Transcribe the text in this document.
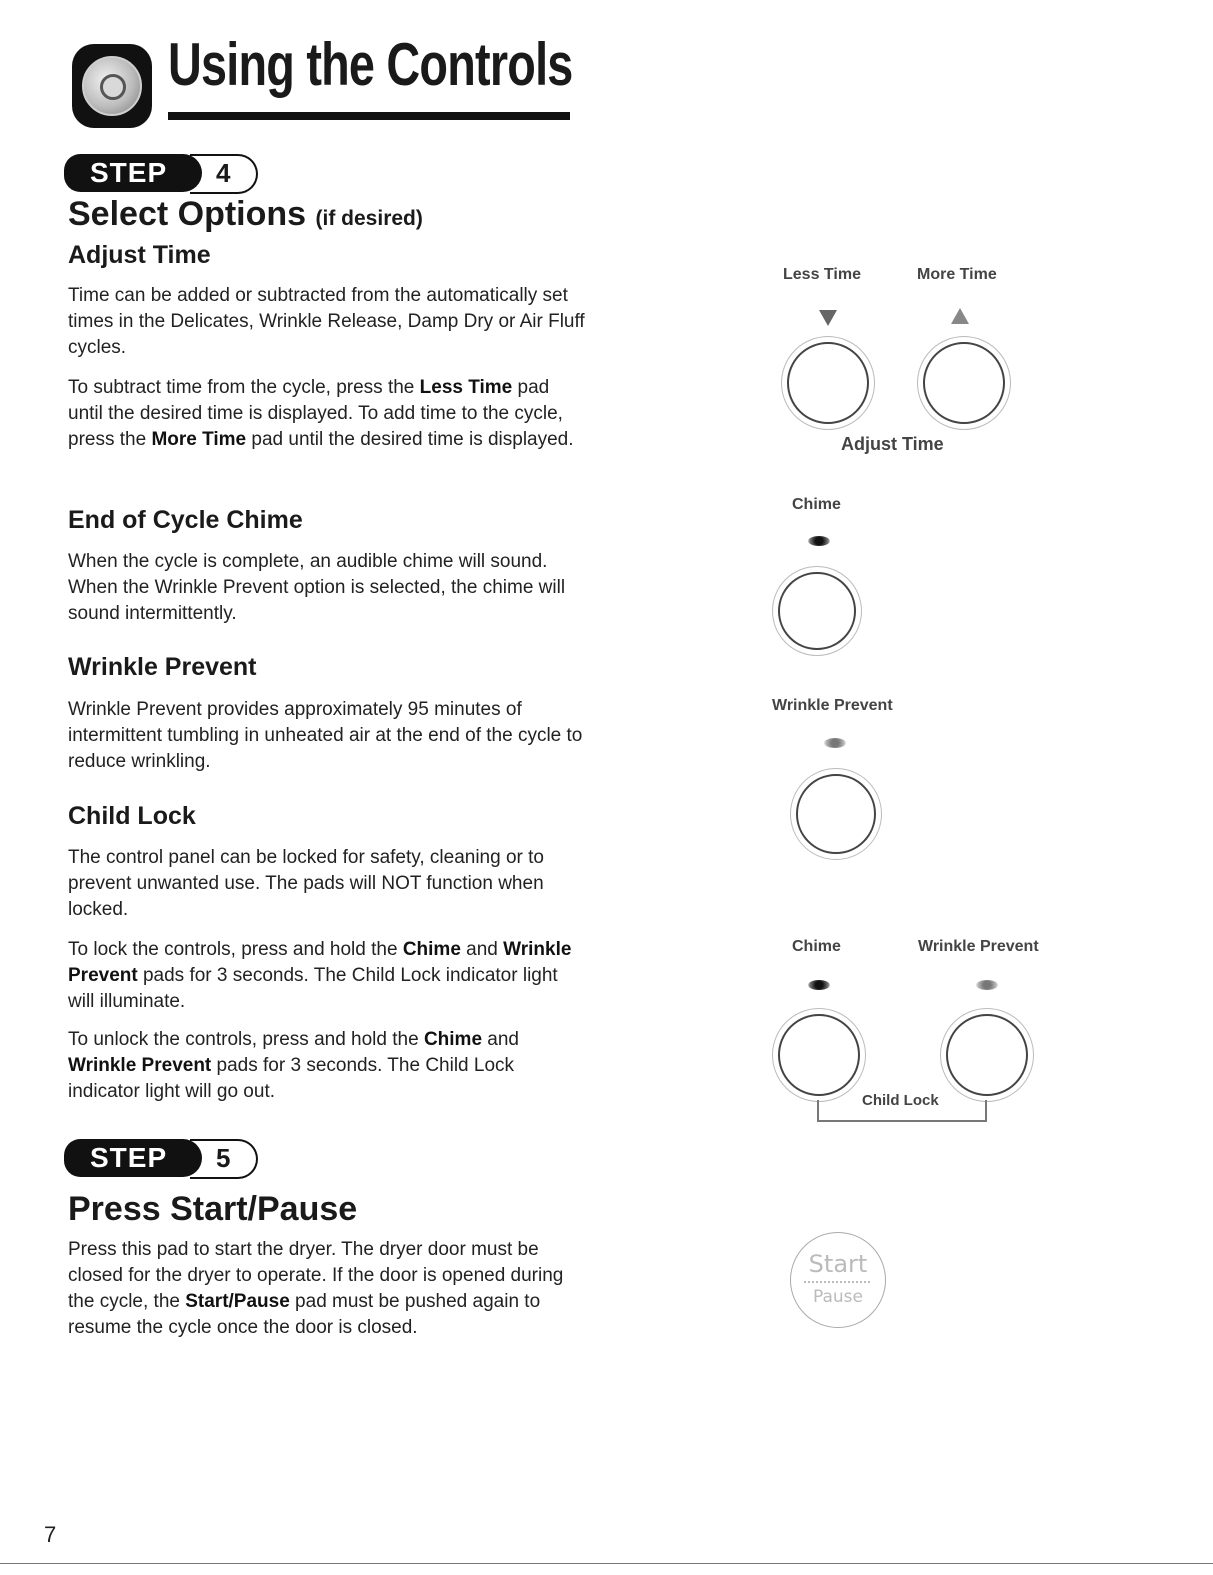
Using the Controls
STEP 4
Select Options (if desired)
Adjust Time

Time can be added or subtracted from the automatically set times in the Delicates, Wrinkle Release, Damp Dry or Air Fluff cycles.

To subtract time from the cycle, press the Less Time pad until the desired time is displayed. To add time to the cycle, press the More Time pad until the desired time is displayed.

End of Cycle Chime

When the cycle is complete, an audible chime will sound. When the Wrinkle Prevent option is selected, the chime will sound intermittently.

Wrinkle Prevent

Wrinkle Prevent provides approximately 95 minutes of intermittent tumbling in unheated air at the end of the cycle to reduce wrinkling.

Child Lock

The control panel can be locked for safety, cleaning or to prevent unwanted use. The pads will NOT function when locked.

To lock the controls, press and hold the Chime and Wrinkle Prevent pads for 3 seconds. The Child Lock indicator light will illuminate.

To unlock the controls, press and hold the Chime and Wrinkle Prevent pads for 3 seconds. The Child Lock indicator light will go out.

STEP 5
Press Start/Pause

Press this pad to start the dryer. The dryer door must be closed for the dryer to operate. If the door is opened during the cycle, the Start/Pause pad must be pushed again to resume the cycle once the door is closed.

Less Time	More Time
Adjust Time
Chime
Wrinkle Prevent
Chime	Wrinkle Prevent
Child Lock
Start
Pause
7
